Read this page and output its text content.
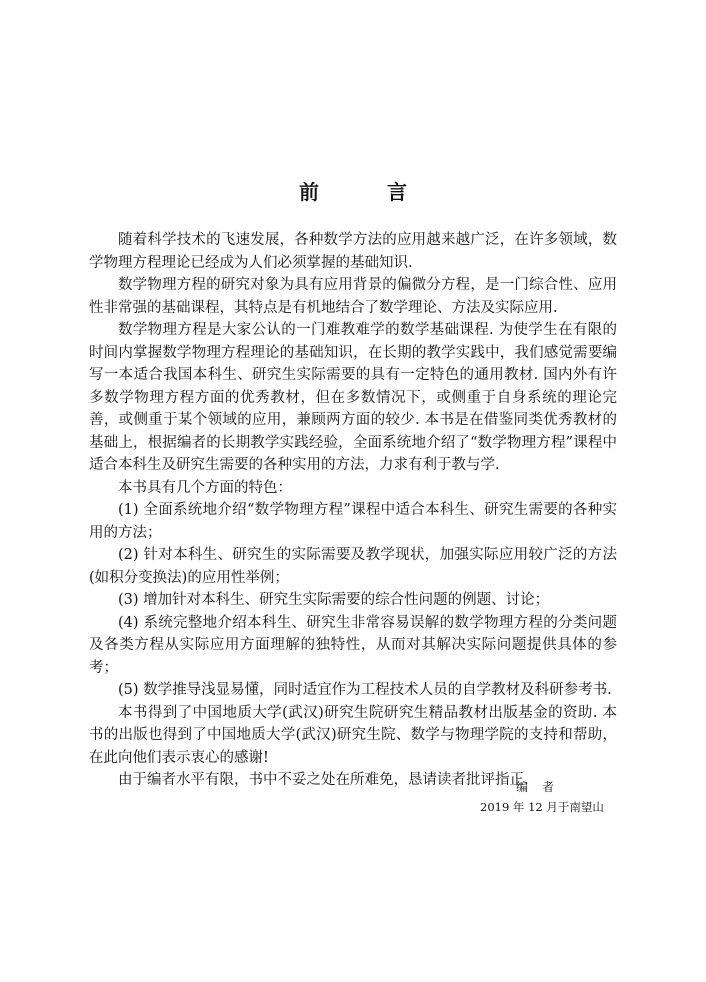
前　言

随着科学技术的飞速发展，各种数学方法的应用越来越广泛，在许多领域，数学物理方程理论已经成为人们必须掌握的基础知识.

数学物理方程的研究对象为具有应用背景的偏微分方程，是一门综合性、应用性非常强的基础课程，其特点是有机地结合了数学理论、方法及实际应用.

数学物理方程是大家公认的一门难教难学的数学基础课程. 为使学生在有限的时间内掌握数学物理方程理论的基础知识，在长期的教学实践中，我们感觉需要编写一本适合我国本科生、研究生实际需要的具有一定特色的通用教材. 国内外有许多数学物理方程方面的优秀教材，但在多数情况下，或侧重于自身系统的理论完善，或侧重于某个领域的应用，兼顾两方面的较少. 本书是在借鉴同类优秀教材的基础上，根据编者的长期教学实践经验，全面系统地介绍了“数学物理方程”课程中适合本科生及研究生需要的各种实用的方法，力求有利于教与学.

本书具有几个方面的特色：

(1) 全面系统地介绍“数学物理方程”课程中适合本科生、研究生需要的各种实用的方法；

(2) 针对本科生、研究生的实际需要及教学现状，加强实际应用较广泛的方法(如积分变换法)的应用性举例；

(3) 增加针对本科生、研究生实际需要的综合性问题的例题、讨论；

(4) 系统完整地介绍本科生、研究生非常容易误解的数学物理方程的分类问题及各类方程从实际应用方面理解的独特性，从而对其解决实际问题提供具体的参考；

(5) 数学推导浅显易懂，同时适宜作为工程技术人员的自学教材及科研参考书.

本书得到了中国地质大学(武汉)研究生院研究生精品教材出版基金的资助. 本书的出版也得到了中国地质大学(武汉)研究生院、数学与物理学院的支持和帮助，在此向他们表示衷心的感谢!

由于编者水平有限，书中不妥之处在所难免，恳请读者批评指正.

编者
2019 年 12 月于南望山
